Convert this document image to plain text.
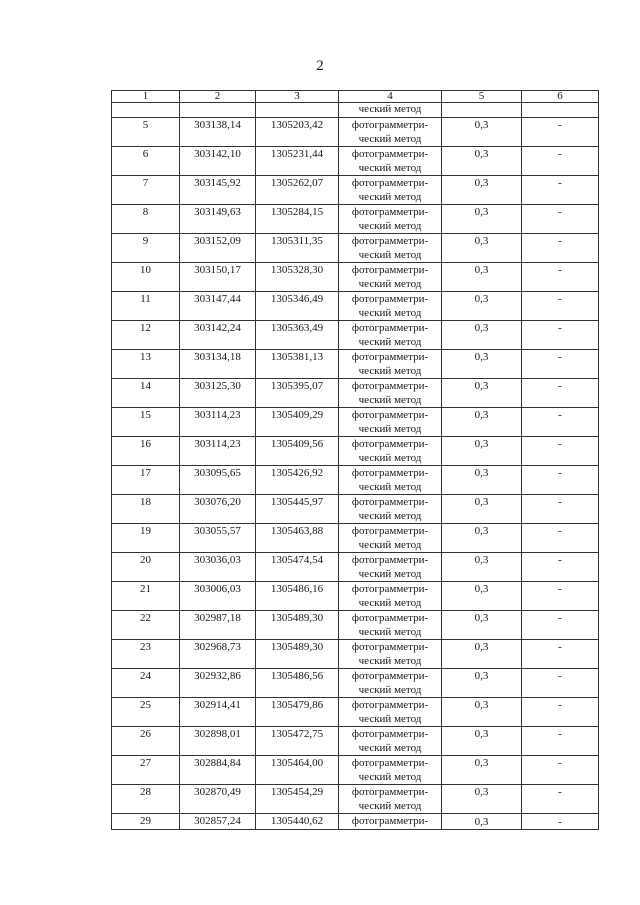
2
1	2	3	4	5	6
			ческий метод		
5	303138,14	1305203,42	фотограмметри-
ческий метод	0,3	-
6	303142,10	1305231,44	фотограмметри-
ческий метод	0,3	-
7	303145,92	1305262,07	фотограмметри-
ческий метод	0,3	-
8	303149,63	1305284,15	фотограмметри-
ческий метод	0,3	-
9	303152,09	1305311,35	фотограмметри-
ческий метод	0,3	-
10	303150,17	1305328,30	фотограмметри-
ческий метод	0,3	-
11	303147,44	1305346,49	фотограмметри-
ческий метод	0,3	-
12	303142,24	1305363,49	фотограмметри-
ческий метод	0,3	-
13	303134,18	1305381,13	фотограмметри-
ческий метод	0,3	-
14	303125,30	1305395,07	фотограмметри-
ческий метод	0,3	-
15	303114,23	1305409,29	фотограмметри-
ческий метод	0,3	-
16	303114,23	1305409,56	фотограмметри-
ческий метод	0,3	-
17	303095,65	1305426,92	фотограмметри-
ческий метод	0,3	-
18	303076,20	1305445,97	фотограмметри-
ческий метод	0,3	-
19	303055,57	1305463,88	фотограмметри-
ческий метод	0,3	-
20	303036,03	1305474,54	фотограмметри-
ческий метод	0,3	-
21	303006,03	1305486,16	фотограмметри-
ческий метод	0,3	-
22	302987,18	1305489,30	фотограмметри-
ческий метод	0,3	-
23	302968,73	1305489,30	фотограмметри-
ческий метод	0,3	-
24	302932,86	1305486,56	фотограмметри-
ческий метод	0,3	-
25	302914,41	1305479,86	фотограмметри-
ческий метод	0,3	-
26	302898,01	1305472,75	фотограмметри-
ческий метод	0,3	-
27	302884,84	1305464,00	фотограмметри-
ческий метод	0,3	-
28	302870,49	1305454,29	фотограмметри-
ческий метод	0,3	-
29	302857,24	1305440,62	фотограмметри-	0,3	-
